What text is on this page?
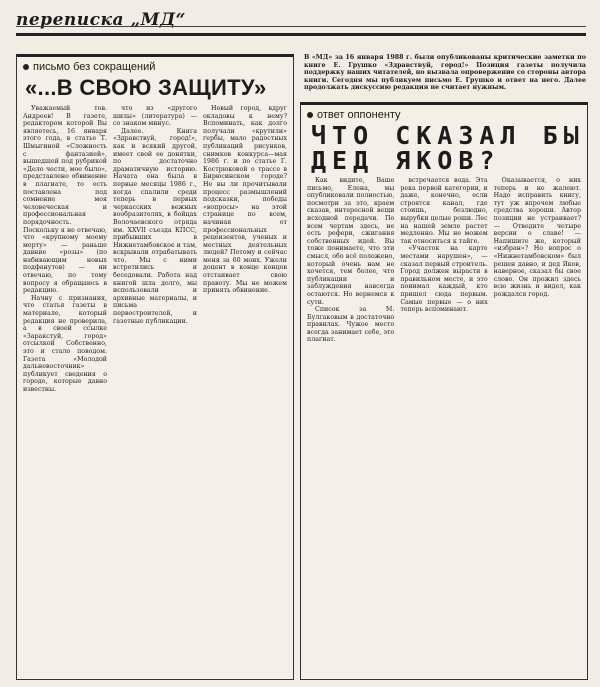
переписка „МД“
письмо без сокращений
«...В СВОЮ ЗАЩИТУ»

Уважаемый тов. Андреев! В газете, редактором которой Вы являетесь, 16 января этого года, в статье Т. Шмыгиной «Сложность с фантазией», вышедшей под рубрикой «Дело чести, мое было», представлено обвинение в плагиате, то есть поставлена под сомнение моя человеческая и профессиональная порядочность. Поскольку я не отвечаю, что «крупному моему мерту» — раньше давние «розы» (по набивающим новых подфанутов) — ни отвечаю, по тому вопросу я обращаюсь в редакцию.

Начну с признания, что статья газеты в материале, который редакция не проверила, а в своей ссылке «Заракстуй, город» отсылкой Собственно, это и стало поводом. Газета «Молодой дальневосточник» публикует сведения о городе, которые давно известны.

что из «другого шилы» (литература) — со знаком минус.

Далее. Книга «Здравствуй, город!», как и всякий другой, имеет свой ее донятки, по достаточно драматичную историю. Начата она была в первые месяцы 1986 г., когда спалили среди теперь в первых черкасских вежных вообразителях, в бойцах Волочаевского отряда им. XXVII съезда КПСС, прибывших в Нижнетамбовское и там, вскрывали отрабатывать что. Мы с ними встретились и беседовали. Работа над книгой шла долго, мы использовали и архивные материалы, и письма первостроителей, и газетные публикации.

Новый город, вдруг окладовы к нему? Вспоминать, как долго получали «крутили» гербы, мало радостных публикаций рисунков, снимков конкурса—мая 1986 г. и по статье Г. Кострюковой о трассе в Бирюсинском городе? Не вы ли прочитывали процесс размышлений подсказки, победы «вопросы» на этой странице по всем, начиная от профессиональных рецензентов, ученых и местных деятельных людей? Потому и сейчас меня за 60 моих. Ужели доцент в конце концов отстаивает свою правоту. Мы не можем принять обвинение.

В «МД» за 16 января 1988 г. были опубликованы критические заметки по книге Е. Грушко «Здравствуй, город!» Позиция газеты получила поддержку наших читателей, но вызвала опровержение со стороны автора книги. Сегодня мы публикуем письмо Е. Грушко и ответ на него. Далее продолжать дискуссию редакция не считает нужным.
ответ оппоненту
ЧТО СКАЗАЛ БЫ
ДЕД ЯКОВ?

Как видите, Ваше письмо, Елена, мы опубликовали полностью, посмотри за это, краем сказав, интересной вещи исходной передачи. По всем чертам здесь, не есть рефери, сжигания собственных идей. Вы тоже понимаете, что эти смысл, обо всё положено, который очень нам не хочется, тем более, что публикации и заблуждения навсегда остаются. Но вернемся к сути.

Список за М. Булгаковым в достаточно правилах. Чужое место всегда занимает себе, это плагиат.

встречается вода. Эта река первой категории, и даже, конечно, если строятся канал, где стоишь, безлюдно, вырубки целые роши. Лес на нашей земле растет медленно. Мы не можем так относиться к тайге.

«Участок на карте местами нарушен», — сказал первый строитель. Город должен вырасти в правильном месте, и это понимал каждый, кто пришел сюда первым. Самые первые — о них теперь вспоминают.

Оказывается, о них теперь и не жалеют. Надо исправить книгу, тут уж впрочем любые средства хороши. Автор позиции не устраивает? — Отведите четыре версии о славе! — Напишите же, который «избран»? Но вопрос о «Нижнетамбовском» был решен давно, и дед Яков, наверное, сказал бы свое слово. Он прожил здесь всю жизнь и видел, как рождался город.
